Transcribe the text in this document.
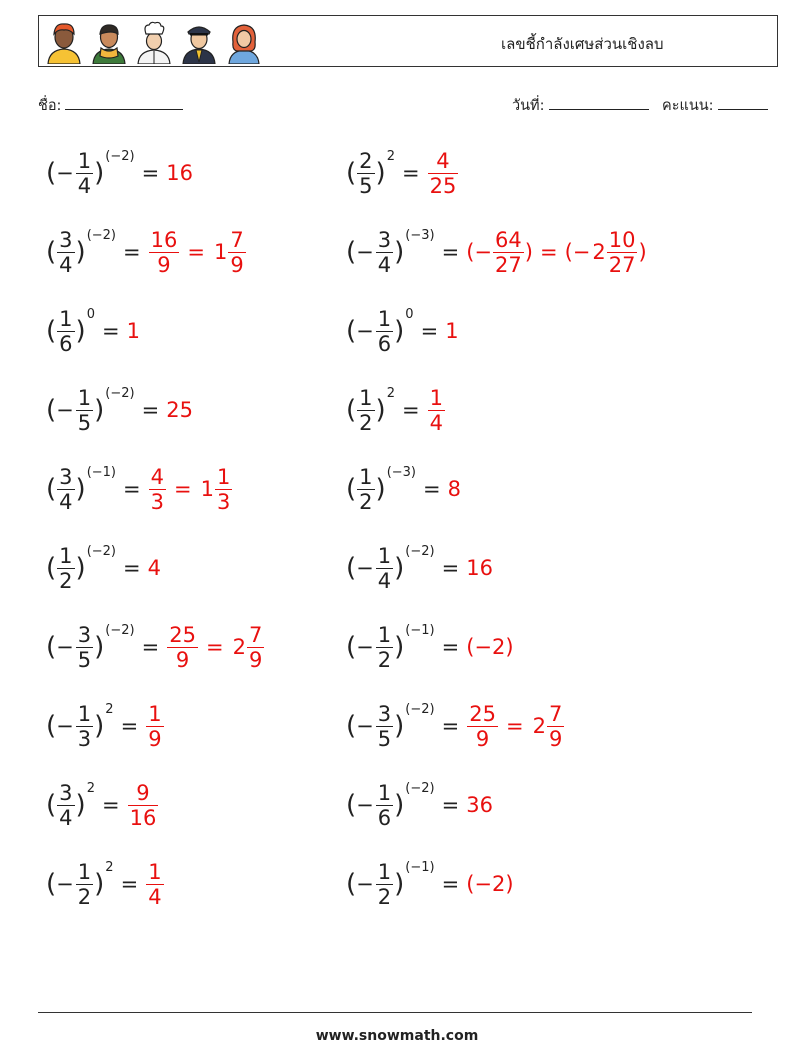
เลขชี้กำลังเศษส่วนเชิงลบ
ชื่อ:	วันที่:	คะแนน:
( − $\frac{1}{4}$ )
(−2)
= 16
( $\frac{3}{4}$ )
(−2)
= $\frac{16}{9} = 1 \frac{7}{9}$
( $\frac{1}{6}$ )
0
= 1
( − $\frac{1}{5}$ )
(−2)
= 25
( $\frac{3}{4}$ )
(−1)
= $\frac{4}{3} = 1 \frac{1}{3}$
( $\frac{1}{2}$ )
(−2)
= 4
( − $\frac{3}{5}$ )
(−2)
= $\frac{25}{9} = 2 \frac{7}{9}$
( − $\frac{1}{3}$ )
2
= $\frac{1}{9}$
( $\frac{3}{4}$ )
2
= $\frac{9}{16}$
( − $\frac{1}{2}$ )
2
= $\frac{1}{4}$
( $\frac{2}{5}$ )
2
= $\frac{4}{25}$
( − $\frac{3}{4}$ )
(−3)
= (− $\frac{64}{27}$ ) = (− $2 \frac{10}{27}$ )
( − $\frac{1}{6}$ )
0
= 1
( $\frac{1}{2}$ )
2
= $\frac{1}{4}$
( $\frac{1}{2}$ )
(−3)
= 8
( − $\frac{1}{4}$ )
(−2)
= 16
( − $\frac{1}{2}$ )
(−1)
= (−2)
( − $\frac{3}{5}$ )
(−2)
= $\frac{25}{9} = 2 \frac{7}{9}$
( − $\frac{1}{6}$ )
(−2)
= 36
( − $\frac{1}{2}$ )
(−1)
= (−2)
www.snowmath.com
